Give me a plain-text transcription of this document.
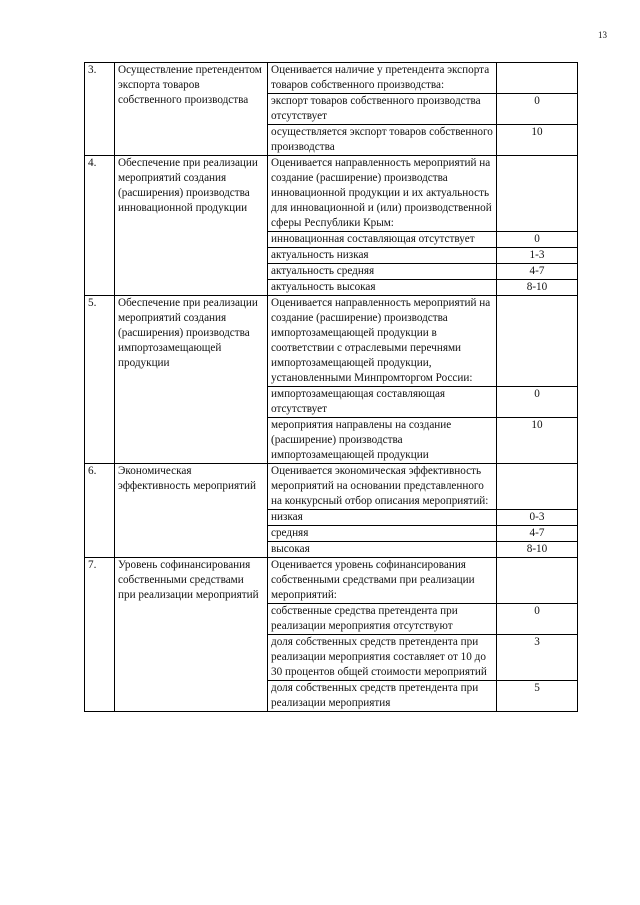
13
3.	Осуществление претендентом экспорта товаров собственного производства	Оценивается наличие у претендента экспорта товаров собственного производства:	
		экспорт товаров собственного производства отсутствует	0
		осуществляется экспорт товаров собственного производства	10
4.	Обеспечение при реализации мероприятий создания (расширения) производства инновационной продукции	Оценивается направленность мероприятий на создание (расширение) производства инновационной продукции и их актуальность для инновационной и (или) производственной сферы Республики Крым:	
		инновационная составляющая отсутствует	0
		актуальность низкая	1-3
		актуальность средняя	4-7
		актуальность высокая	8-10
5.	Обеспечение при реализации мероприятий создания (расширения) производства импортозамещающей продукции	Оценивается направленность мероприятий на создание (расширение) производства импортозамещающей продукции в соответствии с отраслевыми перечнями импортозамещающей продукции, установленными Минпромторгом России:	
		импортозамещающая составляющая отсутствует	0
		мероприятия направлены на создание (расширение) производства импортозамещающей продукции	10
6.	Экономическая эффективность мероприятий	Оценивается экономическая эффективность мероприятий на основании представленного на конкурсный отбор описания мероприятий:	
		низкая	0-3
		средняя	4-7
		высокая	8-10
7.	Уровень софинансирования собственными средствами при реализации мероприятий	Оценивается уровень софинансирования собственными средствами при реализации мероприятий:	
		собственные средства претендента при реализации мероприятия отсутствуют	0
		доля собственных средств претендента при реализации мероприятия составляет от 10 до 30 процентов общей стоимости мероприятий	3
		доля собственных средств претендента при реализации мероприятия	5
